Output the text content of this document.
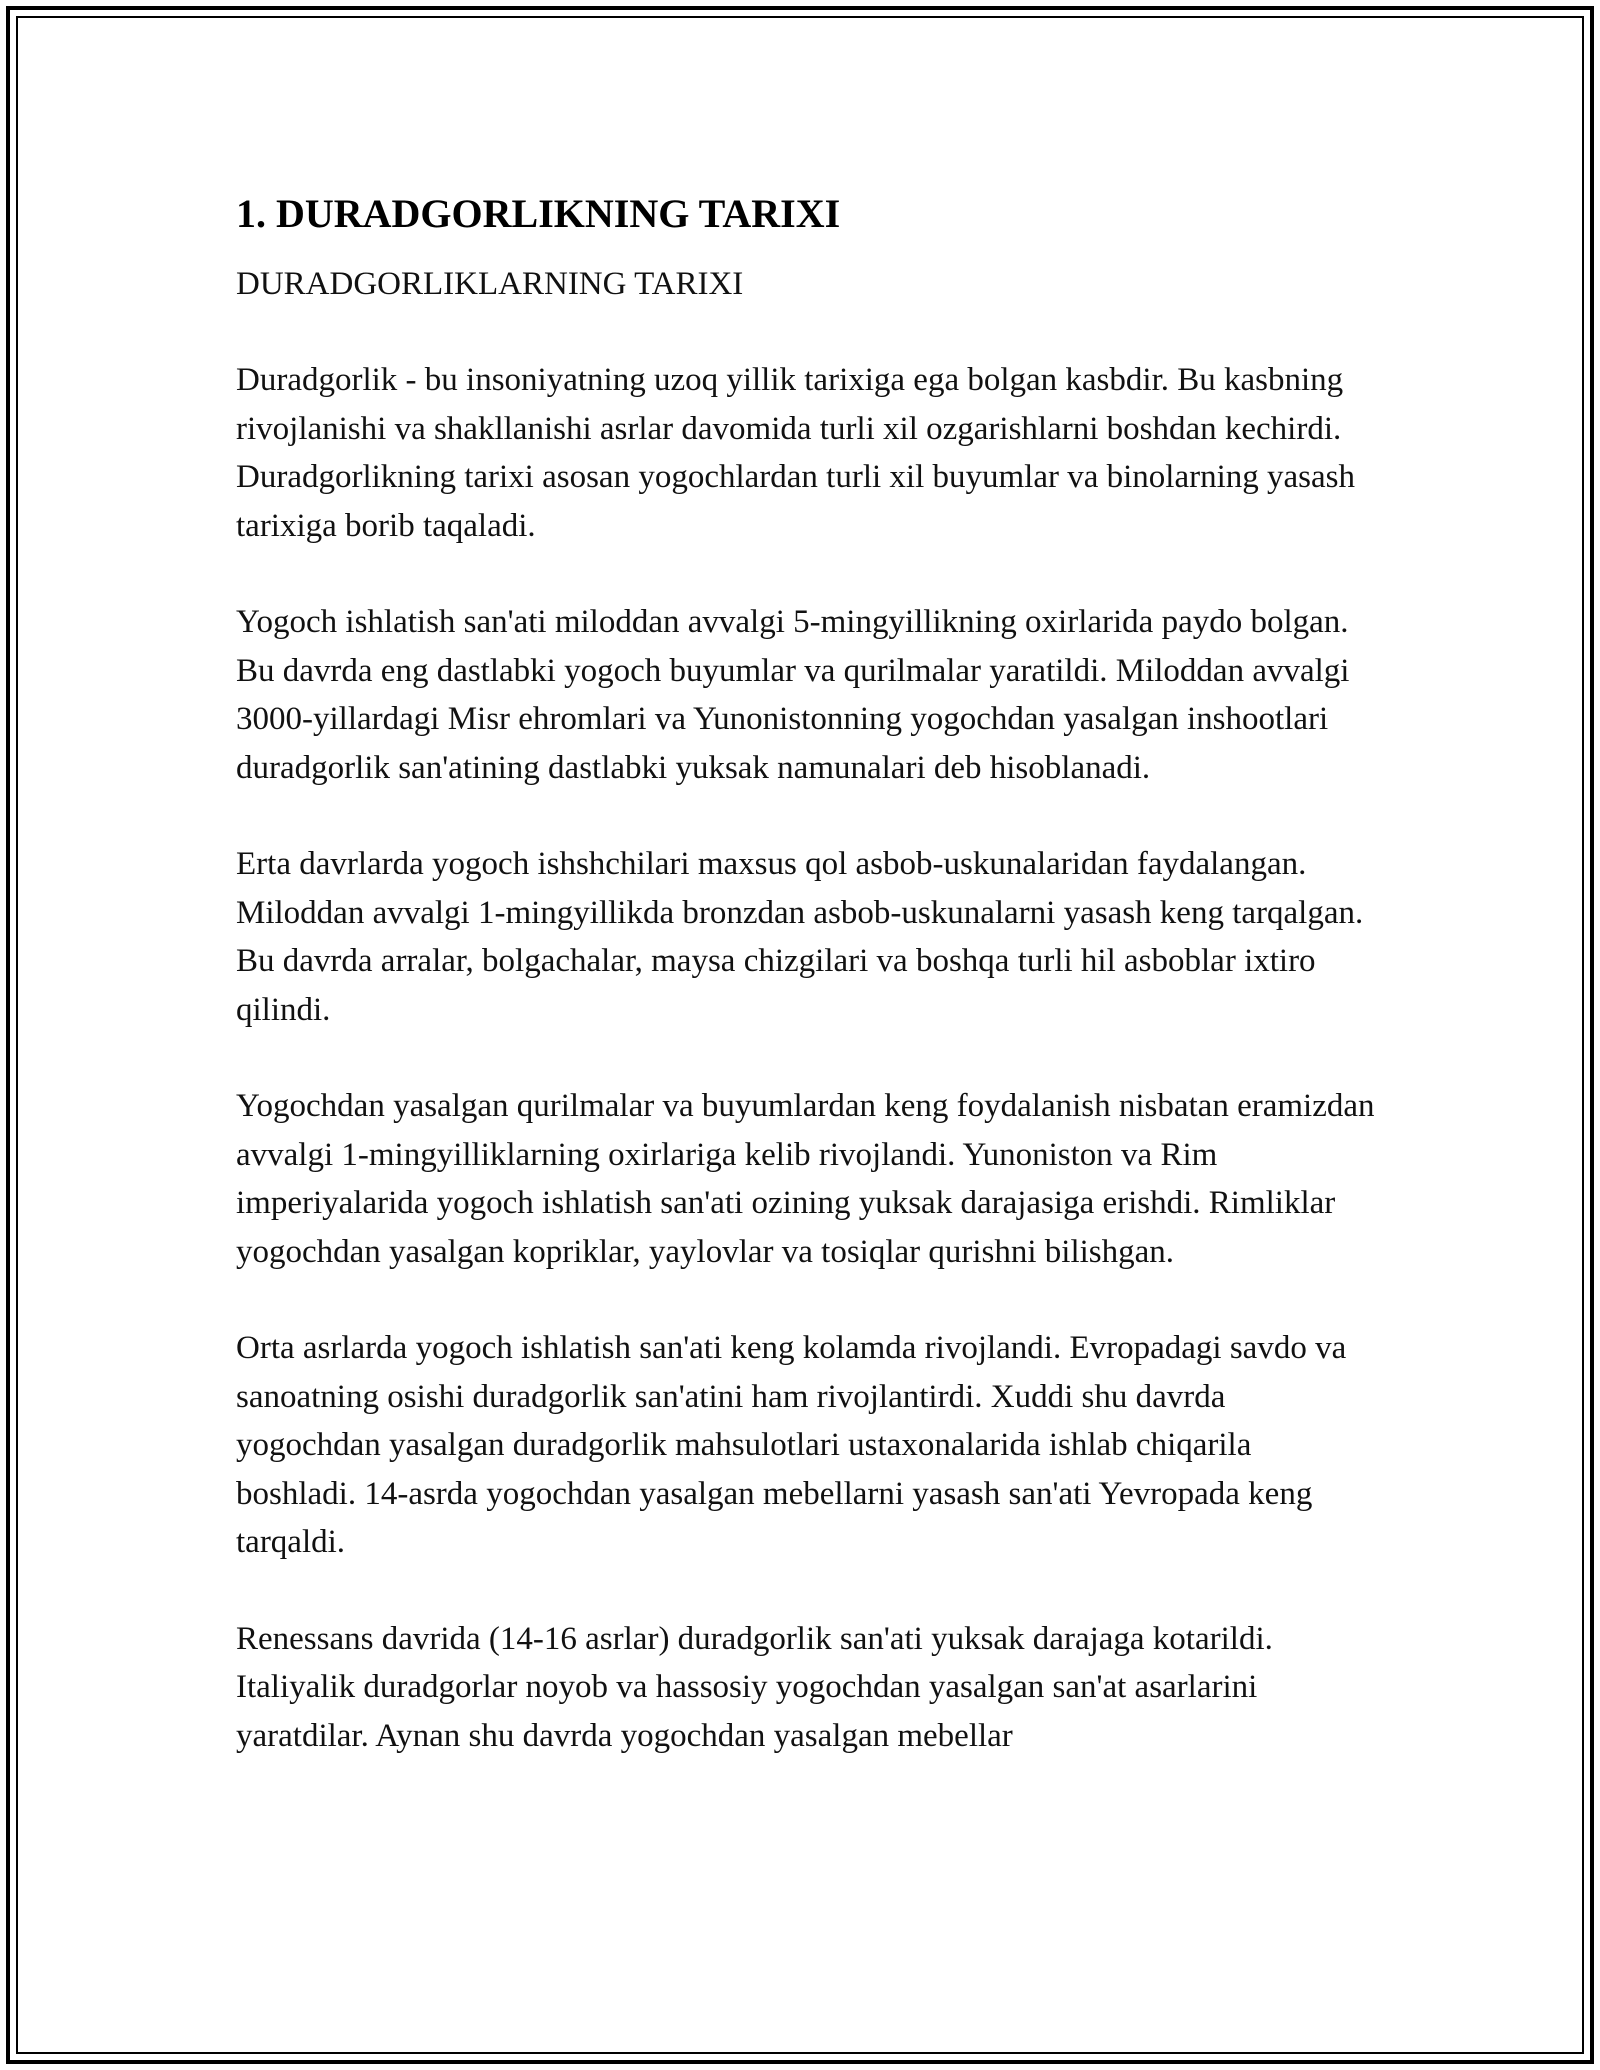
1. DURADGORLIKNING TARIXI

DURADGORLIKLARNING TARIXI

Duradgorlik - bu insoniyatning uzoq yillik tarixiga ega bolgan kasbdir. Bu kasbning rivojlanishi va shakllanishi asrlar davomida turli xil ozgarishlarni boshdan kechirdi. Duradgorlikning tarixi asosan yogochlardan turli xil buyumlar va binolarning yasash tarixiga borib taqaladi.

Yogoch ishlatish san'ati miloddan avvalgi 5-mingyillikning oxirlarida paydo bolgan. Bu davrda eng dastlabki yogoch buyumlar va qurilmalar yaratildi. Miloddan avvalgi 3000-yillardagi Misr ehromlari va Yunonistonning yogochdan yasalgan inshootlari duradgorlik san'atining dastlabki yuksak namunalari deb hisoblanadi.

Erta davrlarda yogoch ishshchilari maxsus qol asbob-uskunalaridan faydalangan. Miloddan avvalgi 1-mingyillikda bronzdan asbob-uskunalarni yasash keng tarqalgan. Bu davrda arralar, bolgachalar, maysa chizgilari va boshqa turli hil asboblar ixtiro qilindi.

Yogochdan yasalgan qurilmalar va buyumlardan keng foydalanish nisbatan eramizdan avvalgi 1-mingyilliklarning oxirlariga kelib rivojlandi. Yunoniston va Rim imperiyalarida yogoch ishlatish san'ati ozining yuksak darajasiga erishdi. Rimliklar yogochdan yasalgan kopriklar, yaylovlar va tosiqlar qurishni bilishgan.

Orta asrlarda yogoch ishlatish san'ati keng kolamda rivojlandi. Evropadagi savdo va sanoatning osishi duradgorlik san'atini ham rivojlantirdi. Xuddi shu davrda yogochdan yasalgan duradgorlik mahsulotlari ustaxonalarida ishlab chiqarila boshladi. 14-asrda yogochdan yasalgan mebellarni yasash san'ati Yevropada keng tarqaldi.

Renessans davrida (14-16 asrlar) duradgorlik san'ati yuksak darajaga kotarildi. Italiyalik duradgorlar noyob va hassosiy yogochdan yasalgan san'at asarlarini yaratdilar. Aynan shu davrda yogochdan yasalgan mebellar
